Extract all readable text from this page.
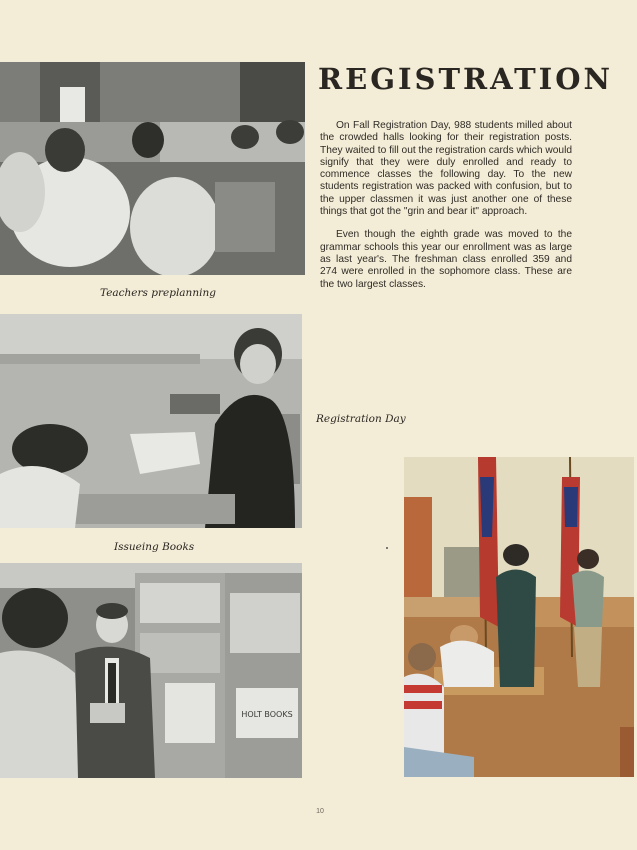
Teachers preplanning
REGISTRATION

On Fall Registration Day, 988 students milled about the crowded halls looking for their registration posts. They waited to fill out the registration cards which would signify that they were duly enrolled and ready to commence classes the following day. To the new students registration was packed with confusion, but to the upper classmen it was just another one of these things that got the "grin and bear it" approach.

Even though the eighth grade was moved to the grammar schools this year our enrollment was as large as last year's. The freshman class enrolled 359 and 274 were enrolled in the sophomore class. These are the two largest classes.

Issueing Books
Registration Day
HOLT BOOKS
10
